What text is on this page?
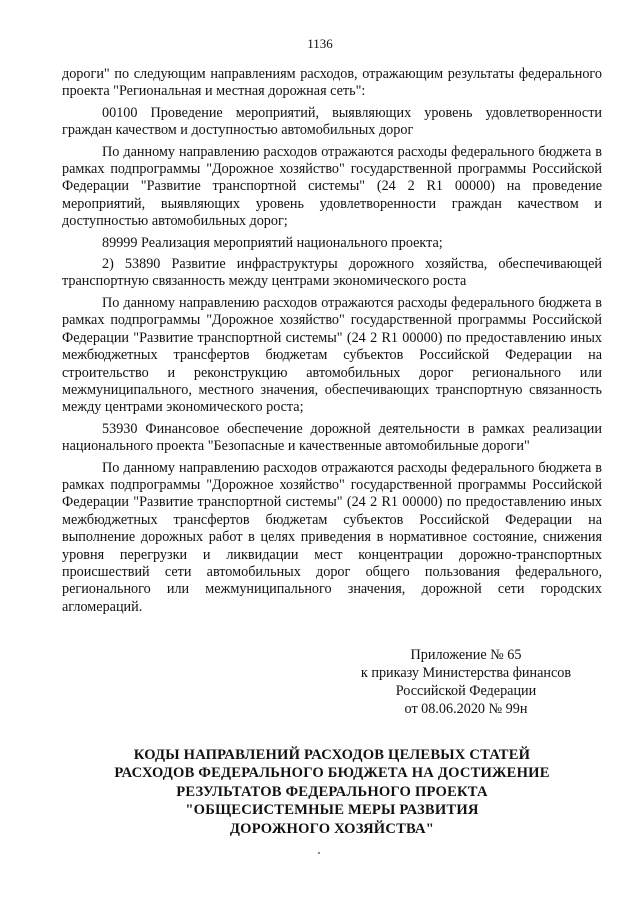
1136

дороги" по следующим направлениям расходов, отражающим результаты федерального проекта "Региональная и местная дорожная сеть":

00100 Проведение мероприятий, выявляющих уровень удовлетворенности граждан качеством и доступностью автомобильных дорог

По данному направлению расходов отражаются расходы федерального бюджета в рамках подпрограммы "Дорожное хозяйство" государственной программы Российской Федерации "Развитие транспортной системы" (24 2 R1 00000) на проведение мероприятий, выявляющих уровень удовлетворенности граждан качеством и доступностью автомобильных дорог;

89999 Реализация мероприятий национального проекта;

2) 53890 Развитие инфраструктуры дорожного хозяйства, обеспечивающей транспортную связанность между центрами экономического роста

По данному направлению расходов отражаются расходы федерального бюджета в рамках подпрограммы "Дорожное хозяйство" государственной программы Российской Федерации "Развитие транспортной системы" (24 2 R1 00000) по предоставлению иных межбюджетных трансфертов бюджетам субъектов Российской Федерации на строительство и реконструкцию автомобильных дорог регионального или межмуниципального, местного значения, обеспечивающих транспортную связанность между центрами экономического роста;

53930 Финансовое обеспечение дорожной деятельности в рамках реализации национального проекта "Безопасные и качественные автомобильные дороги"

По данному направлению расходов отражаются расходы федерального бюджета в рамках подпрограммы "Дорожное хозяйство" государственной программы Российской Федерации "Развитие транспортной системы" (24 2 R1 00000) по предоставлению иных межбюджетных трансфертов бюджетам субъектов Российской Федерации на выполнение дорожных работ в целях приведения в нормативное состояние, снижения уровня перегрузки и ликвидации мест концентрации дорожно-транспортных происшествий сети автомобильных дорог общего пользования федерального, регионального или межмуниципального значения, дорожной сети городских агломераций.

Приложение № 65
к приказу Министерства финансов
Российской Федерации
от 08.06.2020 № 99н
КОДЫ НАПРАВЛЕНИЙ РАСХОДОВ ЦЕЛЕВЫХ СТАТЕЙ
РАСХОДОВ ФЕДЕРАЛЬНОГО БЮДЖЕТА НА ДОСТИЖЕНИЕ
РЕЗУЛЬТАТОВ ФЕДЕРАЛЬНОГО ПРОЕКТА
"ОБЩЕСИСТЕМНЫЕ МЕРЫ РАЗВИТИЯ
ДОРОЖНОГО ХОЗЯЙСТВА"
